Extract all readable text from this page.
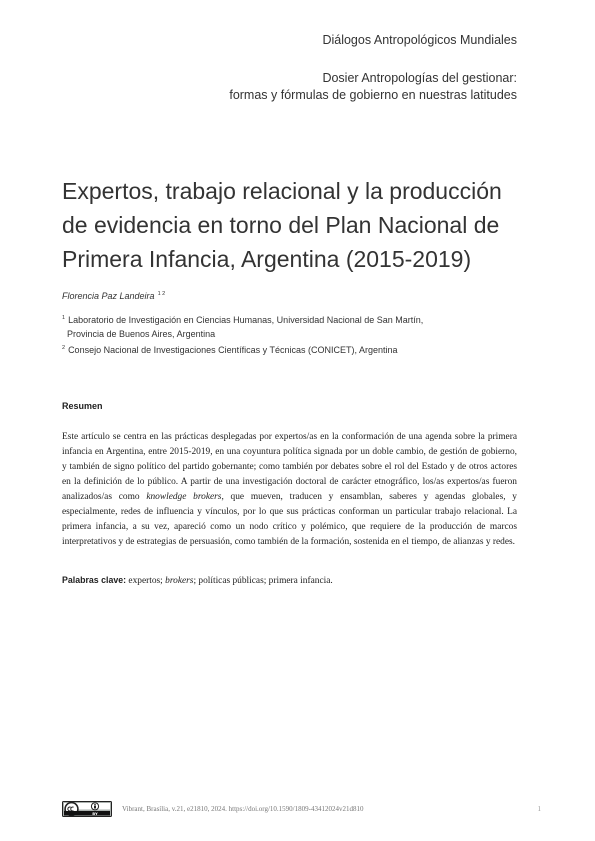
Diálogos Antropológicos Mundiales
Dosier Antropologías del gestionar:
formas y fórmulas de gobierno en nuestras latitudes
Expertos, trabajo relacional y la producción
de evidencia en torno del Plan Nacional de
Primera Infancia, Argentina (2015-2019)
Florencia Paz Landeira $^{1 2}$
$^1$ Laboratorio de Investigación en Ciencias Humanas, Universidad Nacional de San Martín,
Provincia de Buenos Aires, Argentina
$^2$ Consejo Nacional de Investigaciones Científicas y Técnicas (CONICET), Argentina
Resumen

Este artículo se centra en las prácticas desplegadas por expertos/as en la conformación de una agenda sobre la primera infancia en Argentina, entre 2015-2019, en una coyuntura política signada por un doble cambio, de gestión de gobierno, y también de signo político del partido gobernante; como también por debates sobre el rol del Estado y de otros actores en la definición de lo público. A partir de una investigación doctoral de carácter etnográfico, los/as expertos/as fueron analizados/as como knowledge brokers, que mueven, traducen y ensamblan, saberes y agendas globales, y especialmente, redes de influencia y vínculos, por lo que sus prácticas conforman un particular trabajo relacional. La primera infancia, a su vez, apareció como un nodo crítico y polémico, que requiere de la producción de marcos interpretativos y de estrategias de persuasión, como también de la formación, sostenida en el tiempo, de alianzas y redes.

Palabras clave: expertos; brokers; políticas públicas; primera infancia.

BY
Vibrant, Brasília, v.21, e21810, 2024. https://doi.org/10.1590/1809-43412024v21d810	1
